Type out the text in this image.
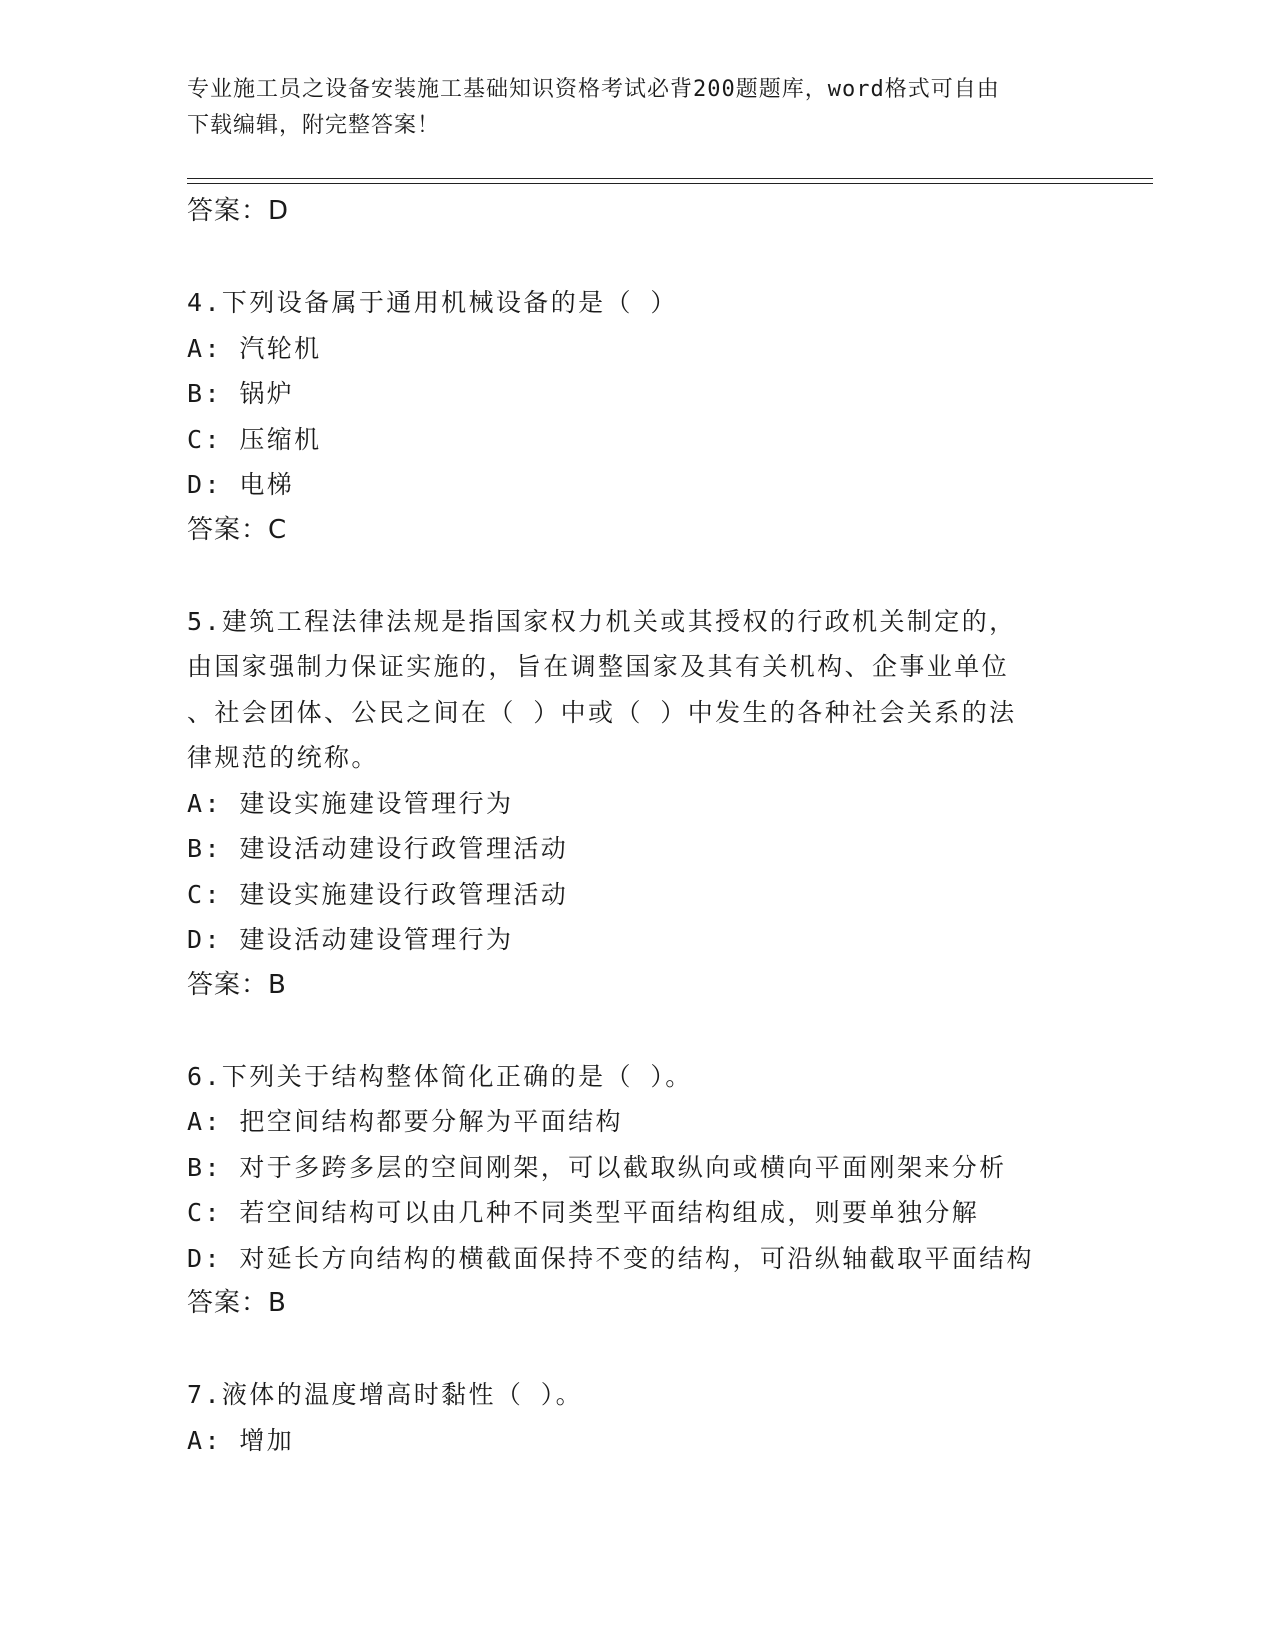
专业施工员之设备安装施工基础知识资格考试必背200题题库，word格式可自由
下载编辑，附完整答案！
答案：D
4.下列设备属于通用机械设备的是（ ）
A: 汽轮机
B: 锅炉
C: 压缩机
D: 电梯
答案：C
5.建筑工程法律法规是指国家权力机关或其授权的行政机关制定的，
由国家强制力保证实施的，旨在调整国家及其有关机构、企事业单位
、社会团体、公民之间在（ ）中或（ ）中发生的各种社会关系的法
律规范的统称。
A: 建设实施建设管理行为
B: 建设活动建设行政管理活动
C: 建设实施建设行政管理活动
D: 建设活动建设管理行为
答案：B
6.下列关于结构整体简化正确的是（ ）。
A: 把空间结构都要分解为平面结构
B: 对于多跨多层的空间刚架，可以截取纵向或横向平面刚架来分析
C: 若空间结构可以由几种不同类型平面结构组成，则要单独分解
D: 对延长方向结构的横截面保持不变的结构，可沿纵轴截取平面结构
答案：B
7.液体的温度增高时黏性（ ）。
A: 增加
